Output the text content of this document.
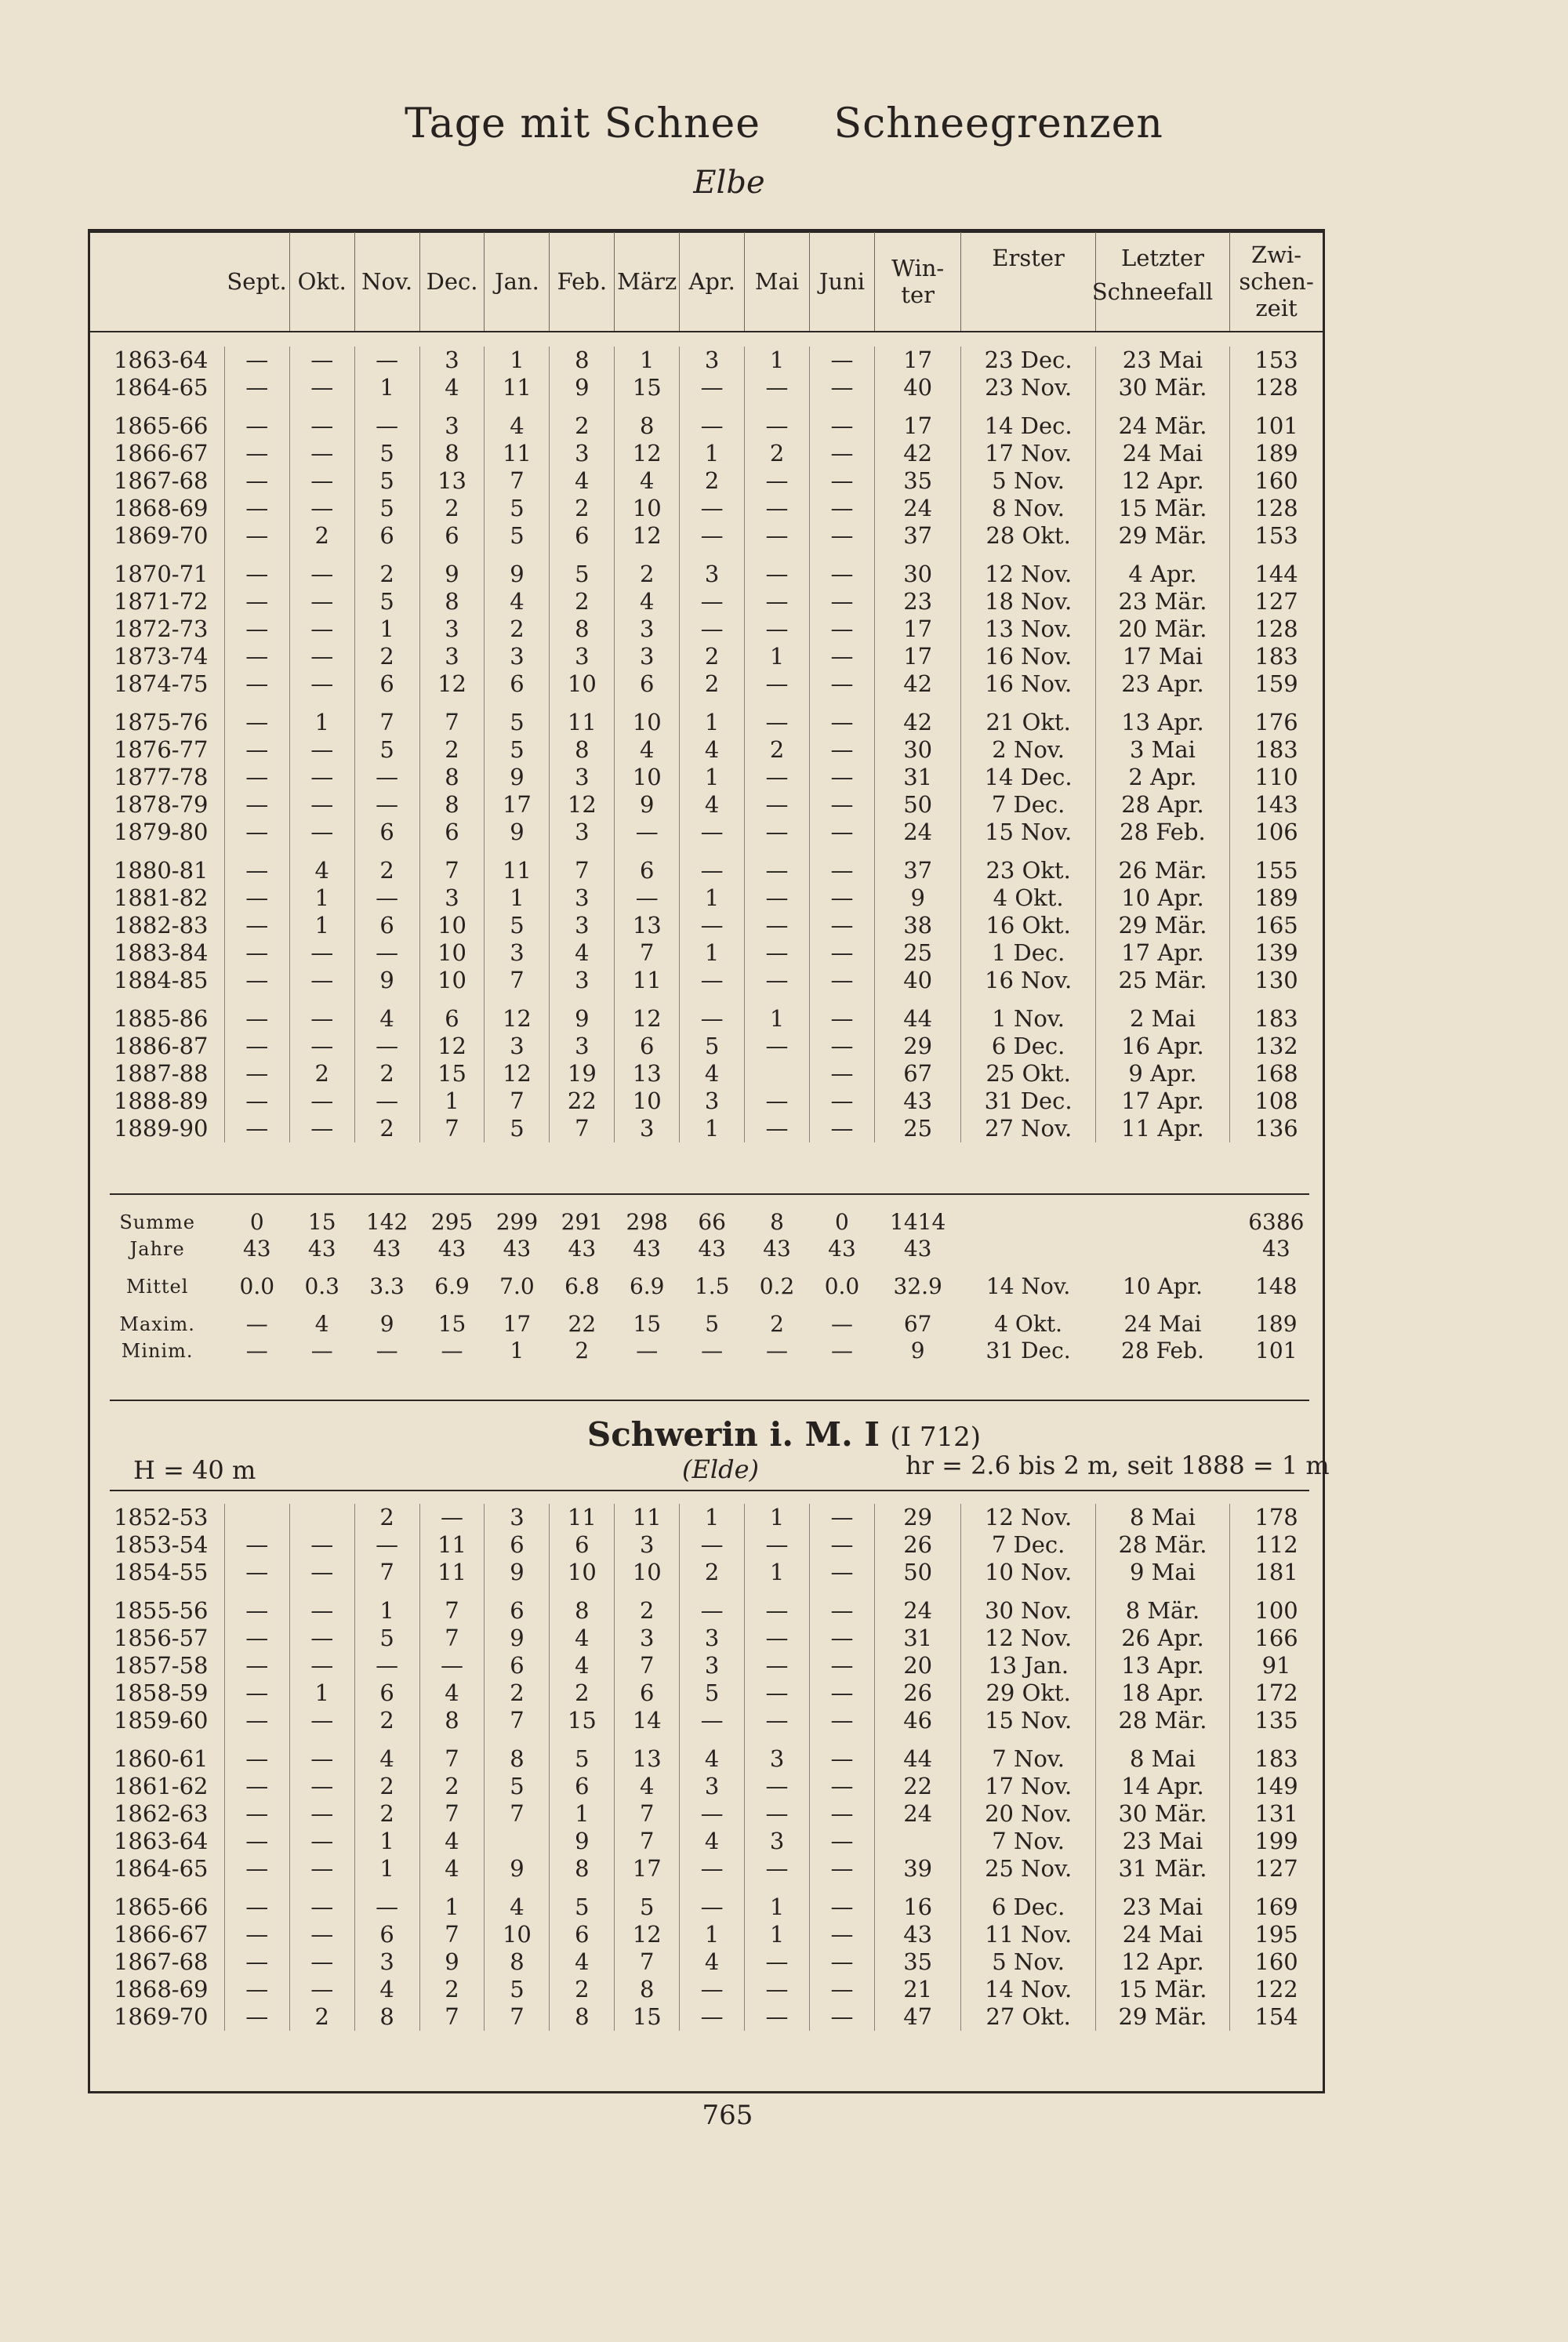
Tage mit Schnee Schneegrenzen
Elbe
	Sept.	Okt.	Nov.	Dec.	Jan.	Feb.	März	Apr.	Mai	Juni	Win-ter	
Erster	Letzter	Zwi-schen-zeit
Schneefall
1863-64	—	—	—	3	1	8	1	3	1	—	17	23 Dec.	23 Mai	153
1864-65	—	—	1	4	11	9	15	—	—	—	40	23 Nov.	30 Mär.	128
1865-66	—	—	—	3	4	2	8	—	—	—	17	14 Dec.	24 Mär.	101
1866-67	—	—	5	8	11	3	12	1	2	—	42	17 Nov.	24 Mai	189
1867-68	—	—	5	13	7	4	4	2	—	—	35	5 Nov.	12 Apr.	160
1868-69	—	—	5	2	5	2	10	—	—	—	24	8 Nov.	15 Mär.	128
1869-70	—	2	6	6	5	6	12	—	—	—	37	28 Okt.	29 Mär.	153
1870-71	—	—	2	9	9	5	2	3	—	—	30	12 Nov.	4 Apr.	144
1871-72	—	—	5	8	4	2	4	—	—	—	23	18 Nov.	23 Mär.	127
1872-73	—	—	1	3	2	8	3	—	—	—	17	13 Nov.	20 Mär.	128
1873-74	—	—	2	3	3	3	3	2	1	—	17	16 Nov.	17 Mai	183
1874-75	—	—	6	12	6	10	6	2	—	—	42	16 Nov.	23 Apr.	159
1875-76	—	1	7	7	5	11	10	1	—	—	42	21 Okt.	13 Apr.	176
1876-77	—	—	5	2	5	8	4	4	2	—	30	2 Nov.	3 Mai	183
1877-78	—	—	—	8	9	3	10	1	—	—	31	14 Dec.	2 Apr.	110
1878-79	—	—	—	8	17	12	9	4	—	—	50	7 Dec.	28 Apr.	143
1879-80	—	—	6	6	9	3	—	—	—	—	24	15 Nov.	28 Feb.	106
1880-81	—	4	2	7	11	7	6	—	—	—	37	23 Okt.	26 Mär.	155
1881-82	—	1	—	3	1	3	—	1	—	—	9	4 Okt.	10 Apr.	189
1882-83	—	1	6	10	5	3	13	—	—	—	38	16 Okt.	29 Mär.	165
1883-84	—	—	—	10	3	4	7	1	—	—	25	1 Dec.	17 Apr.	139
1884-85	—	—	9	10	7	3	11	—	—	—	40	16 Nov.	25 Mär.	130
1885-86	—	—	4	6	12	9	12	—	1	—	44	1 Nov.	2 Mai	183
1886-87	—	—	—	12	3	3	6	5	—	—	29	6 Dec.	16 Apr.	132
1887-88	—	2	2	15	12	19	13	4		—	67	25 Okt.	9 Apr.	168
1888-89	—	—	—	1	7	22	10	3	—	—	43	31 Dec.	17 Apr.	108
1889-90	—	—	2	7	5	7	3	1	—	—	25	27 Nov.	11 Apr.	136
Summe	0	15	142	295	299	291	298	66	8	0	1414			6386
Jahre	43	43	43	43	43	43	43	43	43	43	43			43

Mittel	0.0	0.3	3.3	6.9	7.0	6.8	6.9	1.5	0.2	0.0	32.9	14 Nov.	10 Apr.	148

Maxim.	—	4	9	15	17	22	15	5	2	—	67	4 Okt.	24 Mai	189
Minim.	—	—	—	—	1	2	—	—	—	—	9	31 Dec.	28 Feb.	101
Schwerin i. M. I (I 712)
(Elde)
H = 40 m	hr = 2.6 bis 2 m, seit 1888 = 1 m
1852-53			2	—	3	11	11	1	1	—	29	12 Nov.	8 Mai	178
1853-54	—	—	—	11	6	6	3	—	—	—	26	7 Dec.	28 Mär.	112
1854-55	—	—	7	11	9	10	10	2	1	—	50	10 Nov.	9 Mai	181
1855-56	—	—	1	7	6	8	2	—	—	—	24	30 Nov.	8 Mär.	100
1856-57	—	—	5	7	9	4	3	3	—	—	31	12 Nov.	26 Apr.	166
1857-58	—	—	—	—	6	4	7	3	—	—	20	13 Jan.	13 Apr.	91
1858-59	—	1	6	4	2	2	6	5	—	—	26	29 Okt.	18 Apr.	172
1859-60	—	—	2	8	7	15	14	—	—	—	46	15 Nov.	28 Mär.	135
1860-61	—	—	4	7	8	5	13	4	3	—	44	7 Nov.	8 Mai	183
1861-62	—	—	2	2	5	6	4	3	—	—	22	17 Nov.	14 Apr.	149
1862-63	—	—	2	7	7	1	7	—	—	—	24	20 Nov.	30 Mär.	131
1863-64	—	—	1	4		9	7	4	3	—		7 Nov.	23 Mai	199
1864-65	—	—	1	4	9	8	17	—	—	—	39	25 Nov.	31 Mär.	127
1865-66	—	—	—	1	4	5	5	—	1	—	16	6 Dec.	23 Mai	169
1866-67	—	—	6	7	10	6	12	1	1	—	43	11 Nov.	24 Mai	195
1867-68	—	—	3	9	8	4	7	4	—	—	35	5 Nov.	12 Apr.	160
1868-69	—	—	4	2	5	2	8	—	—	—	21	14 Nov.	15 Mär.	122
1869-70	—	2	8	7	7	8	15	—	—	—	47	27 Okt.	29 Mär.	154
765
